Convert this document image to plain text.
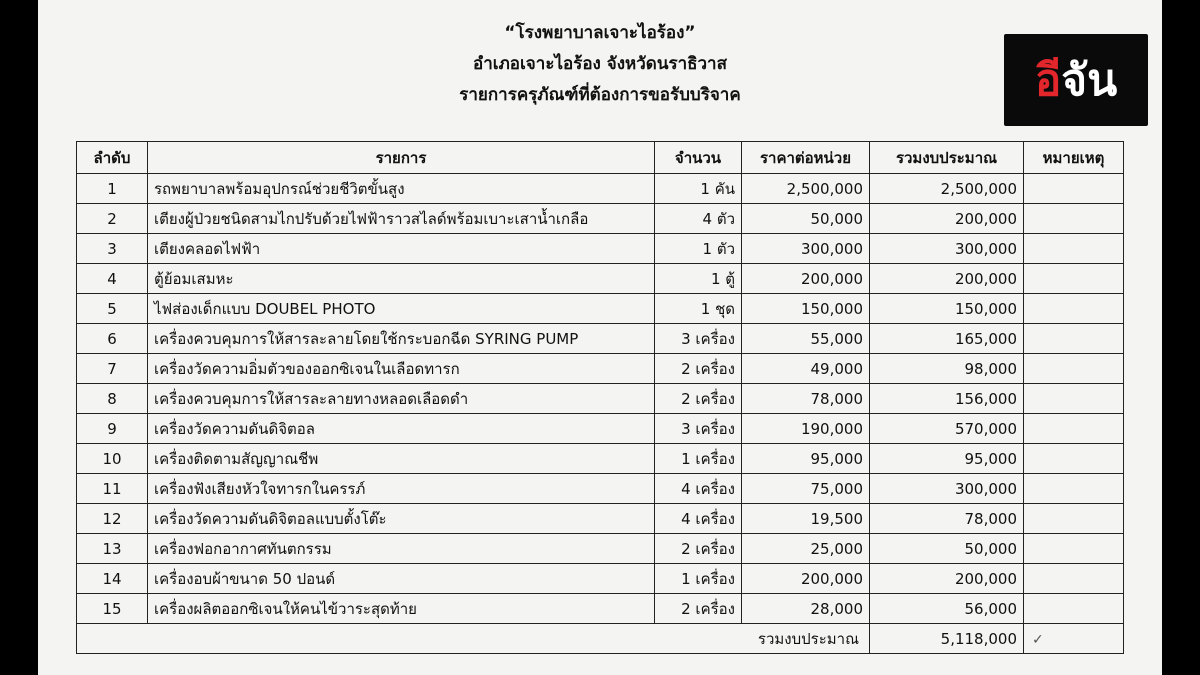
“โรงพยาบาลเจาะไอร้อง”
อำเภอเจาะไอร้อง จังหวัดนราธิวาส
รายการครุภัณฑ์ที่ต้องการขอรับบริจาค	อี จัน
ลำดับ	รายการ	จำนวน	ราคาต่อหน่วย	รวมงบประมาณ	หมายเหตุ
1	รถพยาบาลพร้อมอุปกรณ์ช่วยชีวิตขั้นสูง	1 คัน	2,500,000	2,500,000	
2	เตียงผู้ป่วยชนิดสามไกปรับด้วยไฟฟ้าราวสไลด์พร้อมเบาะเสาน้ำเกลือ	4 ตัว	50,000	200,000	
3	เตียงคลอดไฟฟ้า	1 ตัว	300,000	300,000	
4	ตู้ย้อมเสมหะ	1 ตู้	200,000	200,000	
5	ไฟส่องเด็กแบบ DOUBEL PHOTO	1 ชุด	150,000	150,000	
6	เครื่องควบคุมการให้สารละลายโดยใช้กระบอกฉีด SYRING PUMP	3 เครื่อง	55,000	165,000	
7	เครื่องวัดความอิ่มตัวของออกซิเจนในเลือดทารก	2 เครื่อง	49,000	98,000	
8	เครื่องควบคุมการให้สารละลายทางหลอดเลือดดำ	2 เครื่อง	78,000	156,000	
9	เครื่องวัดความดันดิจิตอล	3 เครื่อง	190,000	570,000	
10	เครื่องติดตามสัญญาณชีพ	1 เครื่อง	95,000	95,000	
11	เครื่องฟังเสียงหัวใจทารกในครรภ์	4 เครื่อง	75,000	300,000	
12	เครื่องวัดความดันดิจิตอลแบบตั้งโต๊ะ	4 เครื่อง	19,500	78,000	
13	เครื่องฟอกอากาศทันตกรรม	2 เครื่อง	25,000	50,000	
14	เครื่องอบผ้าขนาด 50 ปอนด์	1 เครื่อง	200,000	200,000	
15	เครื่องผลิตออกซิเจนให้คนไข้วาระสุดท้าย	2 เครื่อง	28,000	56,000	
			รวมงบประมาณ	5,118,000	✓
